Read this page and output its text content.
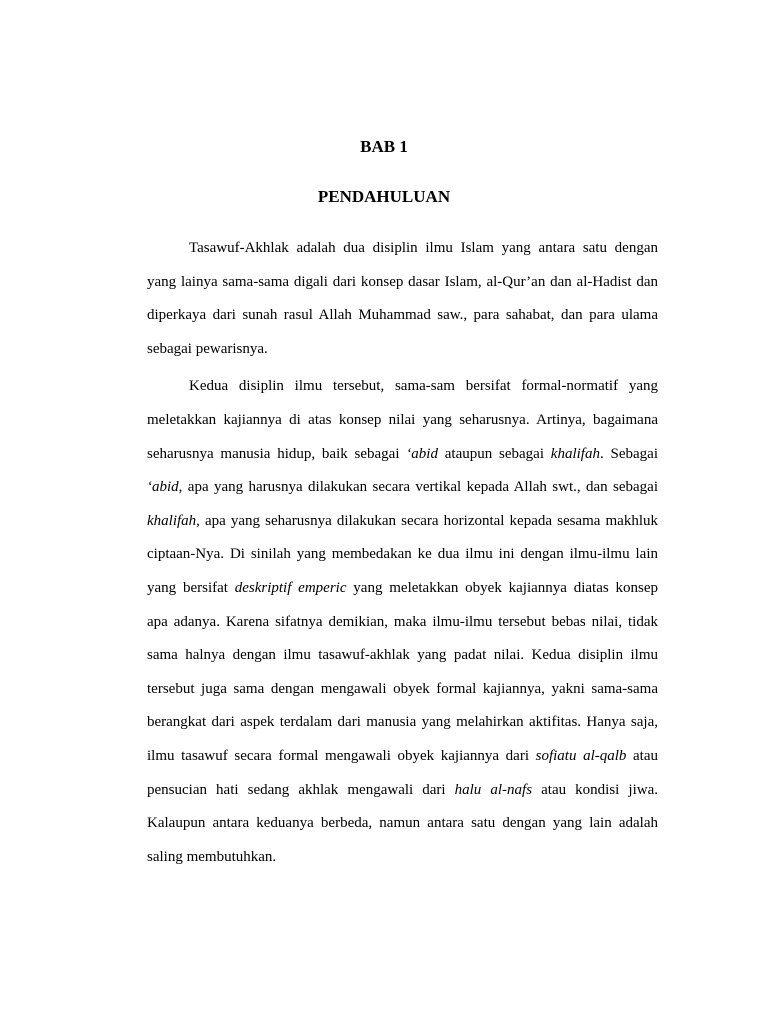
BAB 1
PENDAHULUAN

Tasawuf-Akhlak adalah dua disiplin ilmu Islam yang antara satu dengan
yang lainya sama-sama digali dari konsep dasar Islam, al-Qur’an dan al-Hadist dan
diperkaya dari sunah rasul Allah Muhammad saw., para sahabat, dan para ulama
sebagai pewarisnya.

Kedua disiplin ilmu tersebut, sama-sam bersifat formal-normatif yang
meletakkan kajiannya di atas konsep nilai yang seharusnya. Artinya, bagaimana
seharusnya manusia hidup, baik sebagai ‘abid ataupun sebagai khalifah. Sebagai
‘abid, apa yang harusnya dilakukan secara vertikal kepada Allah swt., dan sebagai
khalifah, apa yang seharusnya dilakukan secara horizontal kepada sesama makhluk
ciptaan-Nya. Di sinilah yang membedakan ke dua ilmu ini dengan ilmu-ilmu lain
yang bersifat deskriptif emperic yang meletakkan obyek kajiannya diatas konsep
apa adanya. Karena sifatnya demikian, maka ilmu-ilmu tersebut bebas nilai, tidak
sama halnya dengan ilmu tasawuf-akhlak yang padat nilai. Kedua disiplin ilmu
tersebut juga sama dengan mengawali obyek formal kajiannya, yakni sama-sama
berangkat dari aspek terdalam dari manusia yang melahirkan aktifitas. Hanya saja,
ilmu tasawuf secara formal mengawali obyek kajiannya dari sofiatu al-qalb atau
pensucian hati sedang akhlak mengawali dari halu al-nafs atau kondisi jiwa.
Kalaupun antara keduanya berbeda, namun antara satu dengan yang lain adalah
saling membutuhkan.
